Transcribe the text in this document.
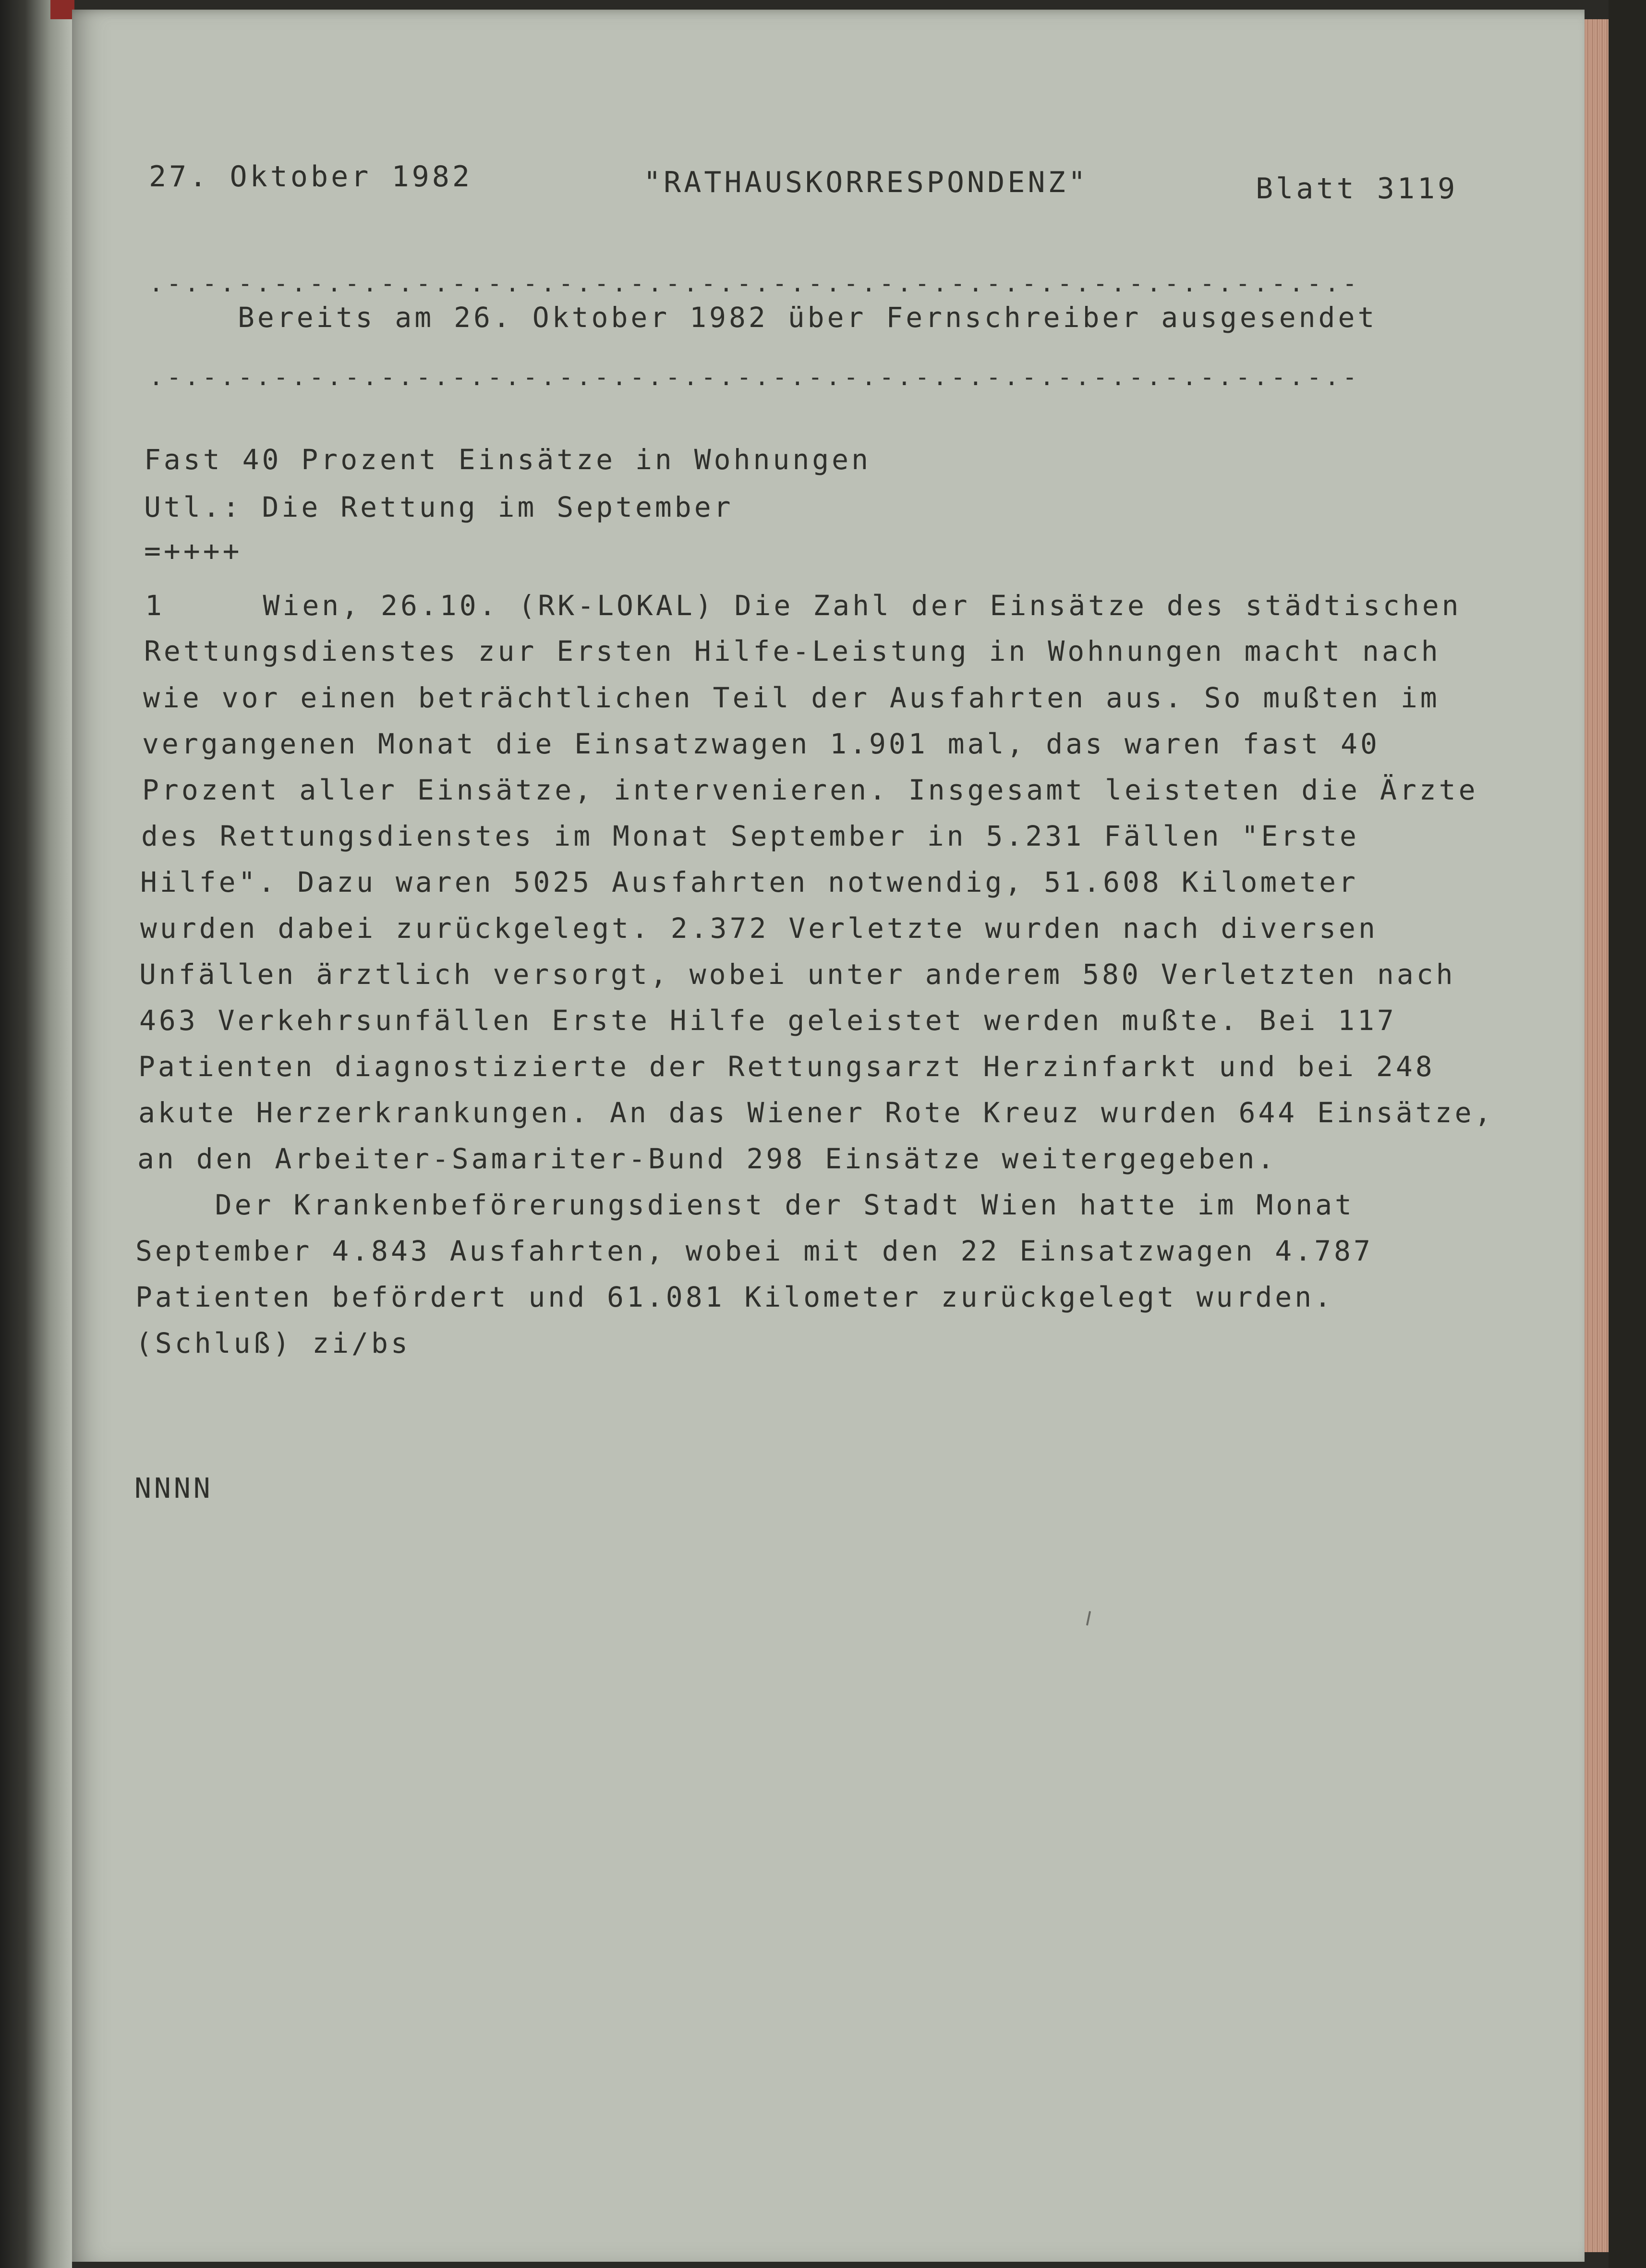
27. Oktober 1982	"RATHAUSKORRESPONDENZ"	Blatt 3119

.-.-.-.-.-.-.-.-.-.-.-.-.-.-.-.-.-.-.-.-.-.-.-.-.-.-.-.-.-.-.-.-.-.-

Bereits am 26. Oktober 1982 über Fernschreiber ausgesendet

.-.-.-.-.-.-.-.-.-.-.-.-.-.-.-.-.-.-.-.-.-.-.-.-.-.-.-.-.-.-.-.-.-.-

Fast 40 Prozent Einsätze in Wohnungen

Utl.: Die Rettung im September

=++++

1     Wien, 26.10. (RK-LOKAL) Die Zahl der Einsätze des städtischen

Rettungsdienstes zur Ersten Hilfe-Leistung in Wohnungen macht nach

wie vor einen beträchtlichen Teil der Ausfahrten aus. So mußten im

vergangenen Monat die Einsatzwagen 1.901 mal, das waren fast 40

Prozent aller Einsätze, intervenieren. Insgesamt leisteten die Ärzte

des Rettungsdienstes im Monat September in 5.231 Fällen "Erste

Hilfe". Dazu waren 5025 Ausfahrten notwendig, 51.608 Kilometer

wurden dabei zurückgelegt. 2.372 Verletzte wurden nach diversen

Unfällen ärztlich versorgt, wobei unter anderem 580 Verletzten nach

463 Verkehrsunfällen Erste Hilfe geleistet werden mußte. Bei 117

Patienten diagnostizierte der Rettungsarzt Herzinfarkt und bei 248

akute Herzerkrankungen. An das Wiener Rote Kreuz wurden 644 Einsätze,

an den Arbeiter-Samariter-Bund 298 Einsätze weitergegeben.

Der Krankenbeförerungsdienst der Stadt Wien hatte im Monat

September 4.843 Ausfahrten, wobei mit den 22 Einsatzwagen 4.787

Patienten befördert und 61.081 Kilometer zurückgelegt wurden.

(Schluß) zi/bs

NNNN
